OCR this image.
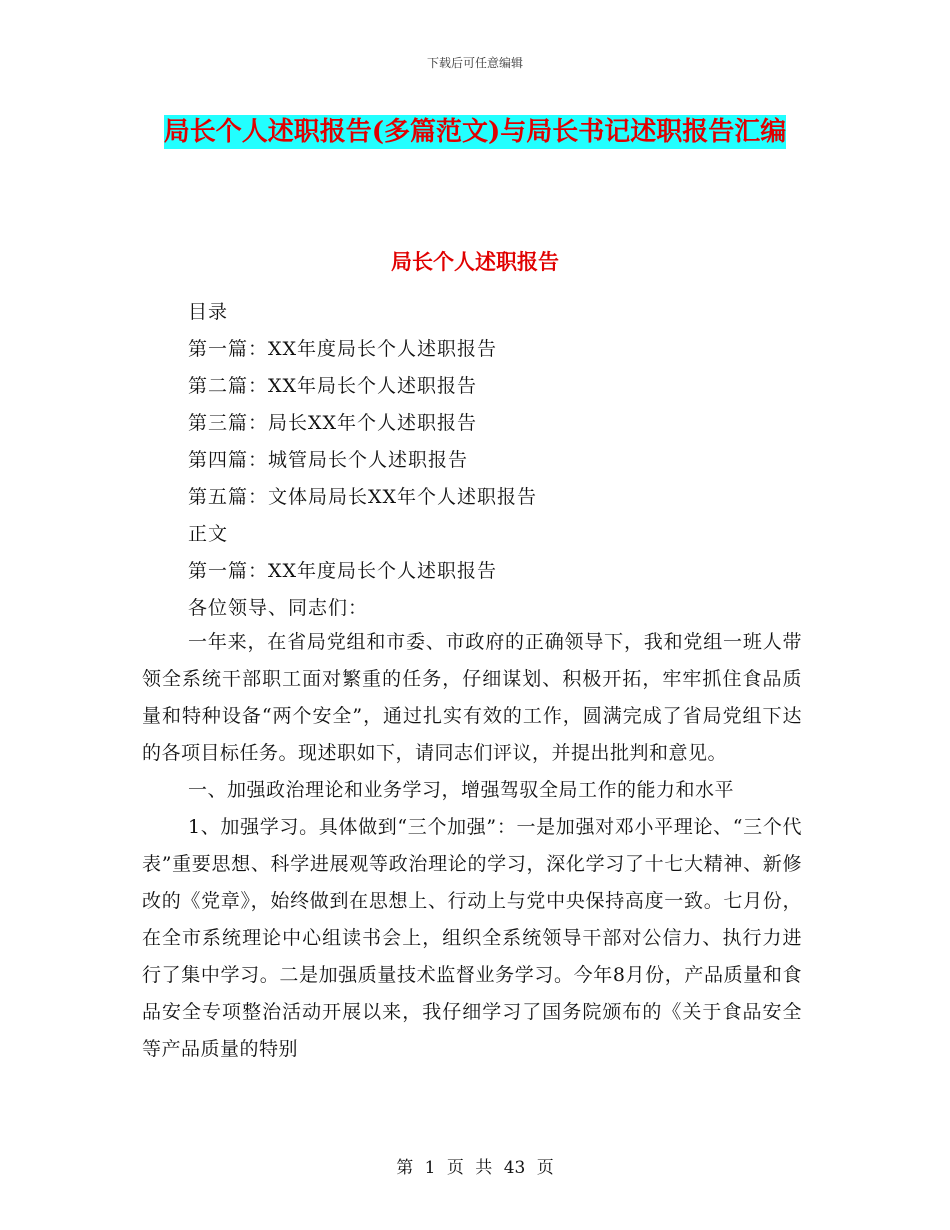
下载后可任意编辑
局长个人述职报告(多篇范文)与局长书记述职报告汇编
局长个人述职报告
目录
第一篇：XX年度局长个人述职报告
第二篇：XX年局长个人述职报告
第三篇：局长XX年个人述职报告
第四篇：城管局长个人述职报告
第五篇：文体局局长XX年个人述职报告
正文
第一篇：XX年度局长个人述职报告
各位领导、同志们：

一年来，在省局党组和市委、市政府的正确领导下，我和党组一班人带领全系统干部职工面对繁重的任务，仔细谋划、积极开拓，牢牢抓住食品质量和特种设备“两个安全”，通过扎实有效的工作，圆满完成了省局党组下达的各项目标任务。现述职如下，请同志们评议，并提出批判和意见。

一、加强政治理论和业务学习，增强驾驭全局工作的能力和水平

1、加强学习。具体做到“三个加强”：一是加强对邓小平理论、“三个代表”重要思想、科学进展观等政治理论的学习，深化学习了十七大精神、新修改的《党章》，始终做到在思想上、行动上与党中央保持高度一致。七月份，在全市系统理论中心组读书会上，组织全系统领导干部对公信力、执行力进行了集中学习。二是加强质量技术监督业务学习。今年8月份，产品质量和食品安全专项整治活动开展以来，我仔细学习了国务院颁布的《关于食品安全等产品质量的特别

第 1 页 共 43 页
